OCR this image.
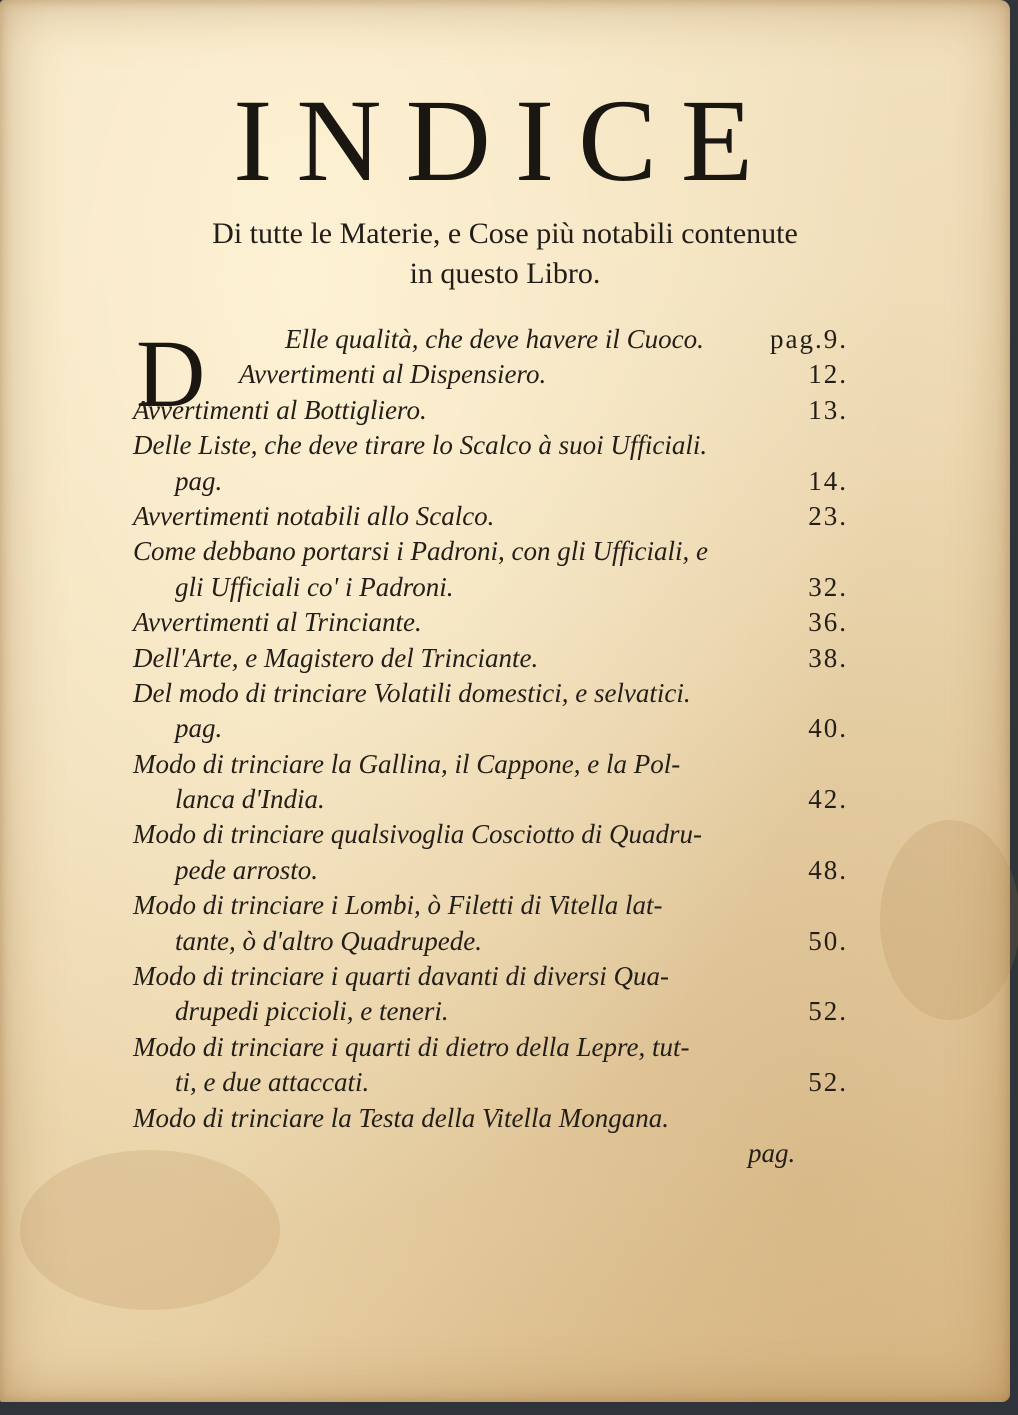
INDICE
Di tutte le Materie, e Cose più notabili contenute
in questo Libro.
D	Elle qualità, che deve havere il Cuoco. pag.9.
Avvertimenti al Dispensiero.	12.
Avvertimenti al Bottigliero.	13.
Delle Liste, che deve tirare lo Scalco à suoi Ufficiali.
pag.	14.
Avvertimenti notabili allo Scalco.	23.
Come debbano portarsi i Padroni, con gli Ufficiali, e
gli Ufficiali co' i Padroni.	32.
Avvertimenti al Trinciante.	36.
Dell'Arte, e Magistero del Trinciante.	38.
Del modo di trinciare Volatili domestici, e selvatici.
pag.	40.
Modo di trinciare la Gallina, il Cappone, e la Pol-
lanca d'India.	42.
Modo di trinciare qualsivoglia Cosciotto di Quadru-
pede arrosto.	48.
Modo di trinciare i Lombi, ò Filetti di Vitella lat-
tante, ò d'altro Quadrupede.	50.
Modo di trinciare i quarti davanti di diversi Qua-
drupedi piccioli, e teneri.	52.
Modo di trinciare i quarti di dietro della Lepre, tut-
ti, e due attaccati.	52.
Modo di trinciare la Testa della Vitella Mongana.
pag.
